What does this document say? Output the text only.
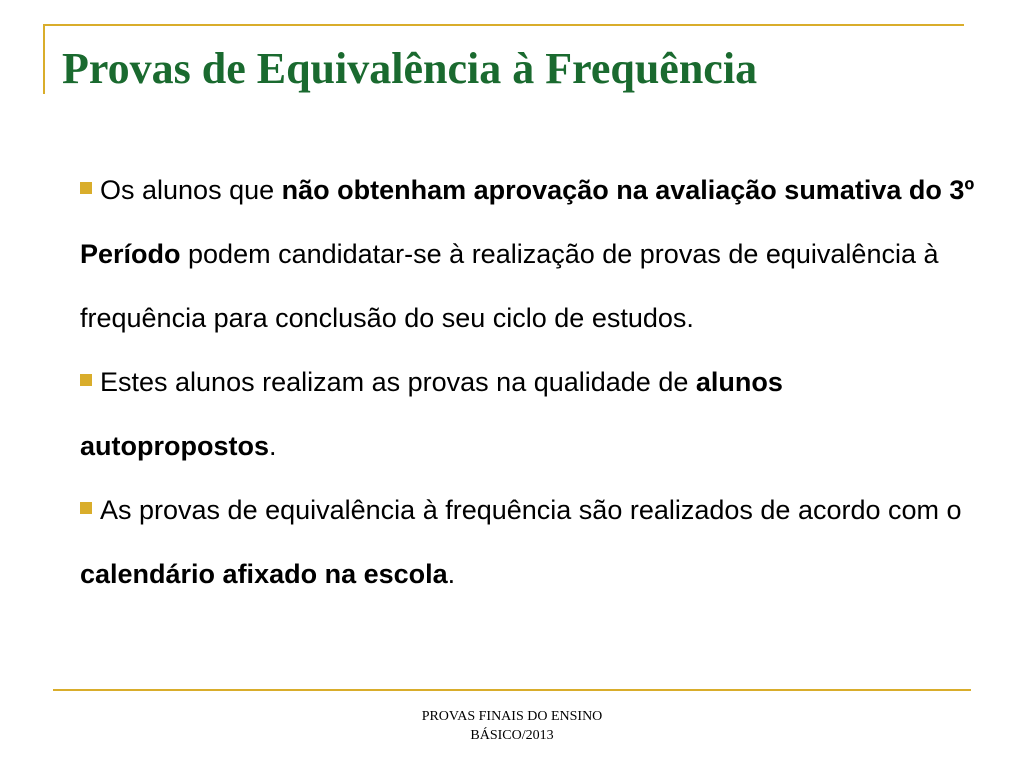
Provas de Equivalência à Frequência

Os alunos que não obtenham aprovação na avaliação sumativa do 3º Período podem candidatar-se à realização de provas de equivalência à frequência para conclusão do seu ciclo de estudos.

Estes alunos realizam as provas na qualidade de alunos autopropostos.

As provas de equivalência à frequência são realizados de acordo com o calendário afixado na escola.

PROVAS FINAIS DO ENSINO
BÁSICO/2013
